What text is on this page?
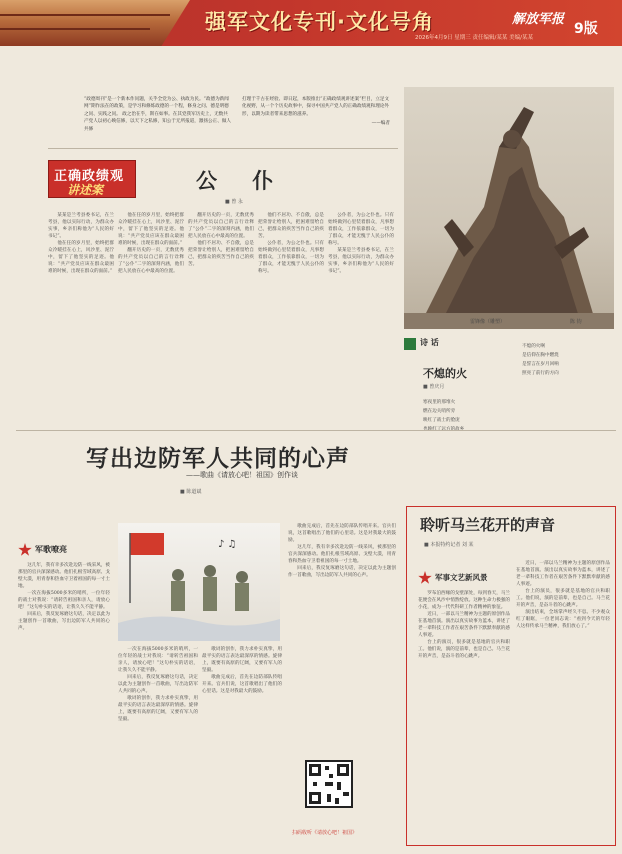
强军文化专刊·文化号角	解放军报
9版
2026年4月9日 星期三 责任编辑/某某 美编/某某
“政德周刊”是一个新本作问题，关乎全党为公、执政为民。“政德为新闻网”期作法在的政策，是学习和修炼政德的一个程，修身之问、德是明德之问、实践之问。 政之治在乎，斯在如事。在其党我军历史上，无数共产党人以初心映信修，以天下之私修，知公于无所报道，激扬公正、做人共修
打理于千古在经验、即日起，本版推出“正确政绩观讲述案”栏目，立足文化视野，从一个个历史故事中，探寻中国共产党人的正确政绩观和理论外形，以期为读者带来思想的滋养。
——编者
正确政绩观
讲述案	公 仆
■ 曾 永

某某是兰考县委书记，在兰考县，他以实际行动，为群众办实事，乡亲们称他为“人民的好书记”。

他在任的岁月里，始终把群众冷暖挂在心上，风沙里、泥泞中，留下了他坚实的足迹。他说：“共产党员应该在群众最困难的时候，出现在群众的面前。”

他在任的岁月里，始终把群众冷暖挂在心上，风沙里、泥泞中，留下了他坚实的足迹。他说：“共产党员应该在群众最困难的时候，出现在群众的面前。”

翻开历史的一页，无数优秀的共产党员以自己的言行诠释了“公仆”二字的深刻内涵，他们把人民放在心中最高的位置。

翻开历史的一页，无数优秀的共产党员以自己的言行诠释了“公仆”二字的深刻内涵，他们把人民放在心中最高的位置。

他们不居功、不自傲，总是把荣誉让给别人，把困难留给自己，把群众的疾苦当作自己的疾苦。

他们不居功、不自傲，总是把荣誉让给别人，把困难留给自己，把群众的疾苦当作自己的疾苦。

公仆者，为公之仆也。只有始终做到心里装着群众，凡事想着群众，工作依靠群众，一切为了群众，才能无愧于人民公仆的称号。

公仆者，为公之仆也。只有始终做到心里装着群众，凡事想着群众，工作依靠群众，一切为了群众，才能无愧于人民公仆的称号。

某某是兰考县委书记，在兰考县，他以实际行动，为群众办实事，乡亲们称他为“人民的好书记”。

雷锋像（雕塑）	陈 钧
诗 话
不熄的火
■ 曾庆月
寒夜里的那堆火
燃在边关哨所旁
映红了战士的脸庞
不熄的火啊
是信仰在胸中燃烧
是誓言在岁月回响
照亮了前行的方向
写出边防军人共同的心声
——歌曲《请放心吧！祖国》创作谈
■ 陈道斌
军歌嘹亮	♪ ♫

这几年，我有幸多次赴边防一线采风，被那里的官兵深深感动。他们扎根雪域高原、戈壁大漠，用青春和热血守卫着祖国的每一寸土地。

一次在海拔5000多米的哨所，一位年轻的战士对我说：“请转告祖国和亲人，请放心吧！”这句朴实的话语，让我久久不能平静。

回来后，我反复琢磨这句话，决定以此为主题创作一首歌曲，写出边防军人共同的心声。

一次在海拔5000多米的哨所，一位年轻的战士对我说：“请转告祖国和亲人，请放心吧！”这句朴实的话语，让我久久不能平静。

回来后，我反复琢磨这句话，决定以此为主题创作一首歌曲，写出边防军人共同的心声。

歌词的创作，我力求朴实真挚，用最平实的语言表达最深厚的情感。旋律上，既要有高原的辽阔，又要有军人的坚毅。

歌词的创作，我力求朴实真挚，用最平实的语言表达最深厚的情感。旋律上，既要有高原的辽阔，又要有军人的坚毅。

歌曲完成后，首先在边防部队传唱开来。官兵们说，这首歌唱出了他们的心里话。这是对我最大的鼓励。

歌曲完成后，首先在边防部队传唱开来。官兵们说，这首歌唱出了他们的心里话。这是对我最大的鼓励。

这几年，我有幸多次赴边防一线采风，被那里的官兵深深感动。他们扎根雪域高原、戈壁大漠，用青春和热血守卫着祖国的每一寸土地。

回来后，我反复琢磨这句话，决定以此为主题创作一首歌曲，写出边防军人共同的心声。

扫码收听《请放心吧！祖国》
聆听马兰花开的声音
■ 本报特约记者 刘 某
军事文艺新风景

罗布泊西缘的戈壁深处，每到春天，马兰花便会在风沙中悄然绽放。这种生命力极强的小花，成为一代代科研工作者精神的象征。

近日，一部以马兰精神为主题的原创作品在基地首演。演出以真实故事为蓝本，讲述了老一辈科技工作者在艰苦条件下默默奉献的感人事迹。

台上的演员，很多就是基地的官兵和职工。他们说，演的是前辈，也是自己。马兰花开的声音，是奋斗者的心跳声。

近日，一部以马兰精神为主题的原创作品在基地首演。演出以真实故事为蓝本，讲述了老一辈科技工作者在艰苦条件下默默奉献的感人事迹。

台上的演员，很多就是基地的官兵和职工。他们说，演的是前辈，也是自己。马兰花开的声音，是奋斗者的心跳声。

演出结束，全场掌声经久不息。不少观众红了眼眶，一位老同志说：“看到今天的年轻人这样传承马兰精神，我们放心了。”
